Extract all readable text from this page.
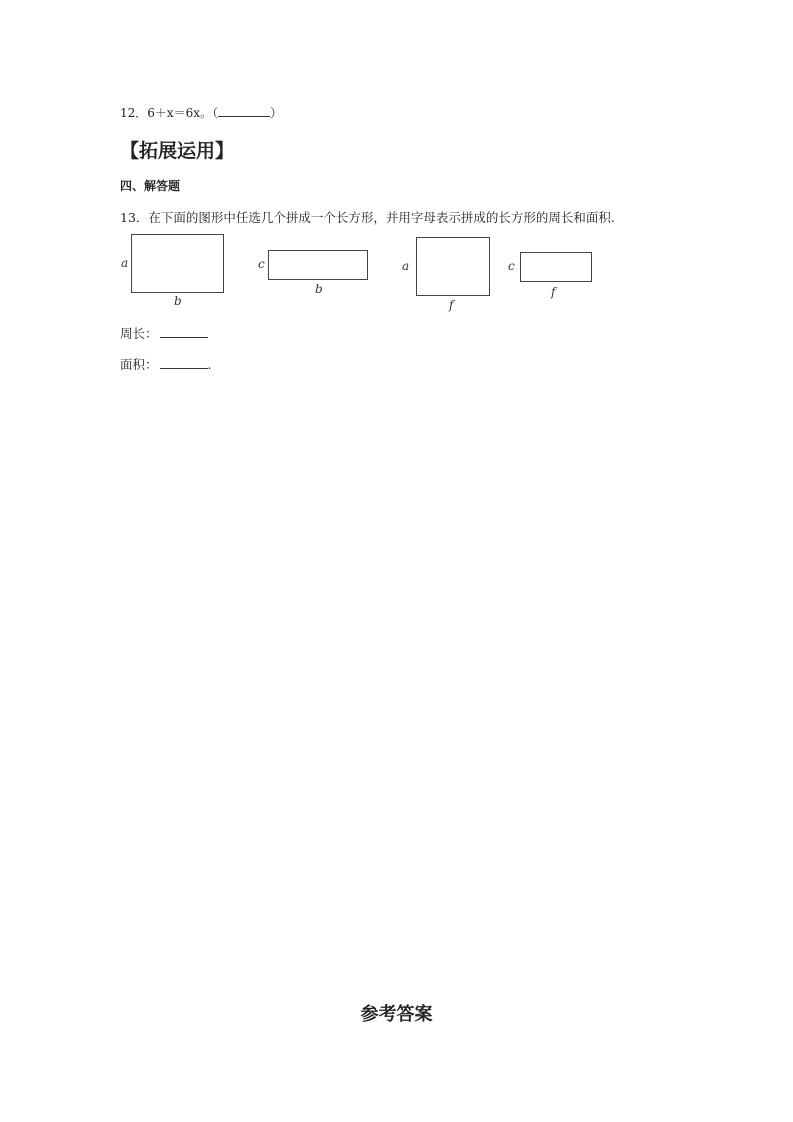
12．6＋x＝6x。（	）
【拓展运用】
四、解答题
13．在下面的图形中任选几个拼成一个长方形，并用字母表示拼成的长方形的周长和面积.
a
b
c
b
a
f
c
f
周长：
面积：	.
参考答案
